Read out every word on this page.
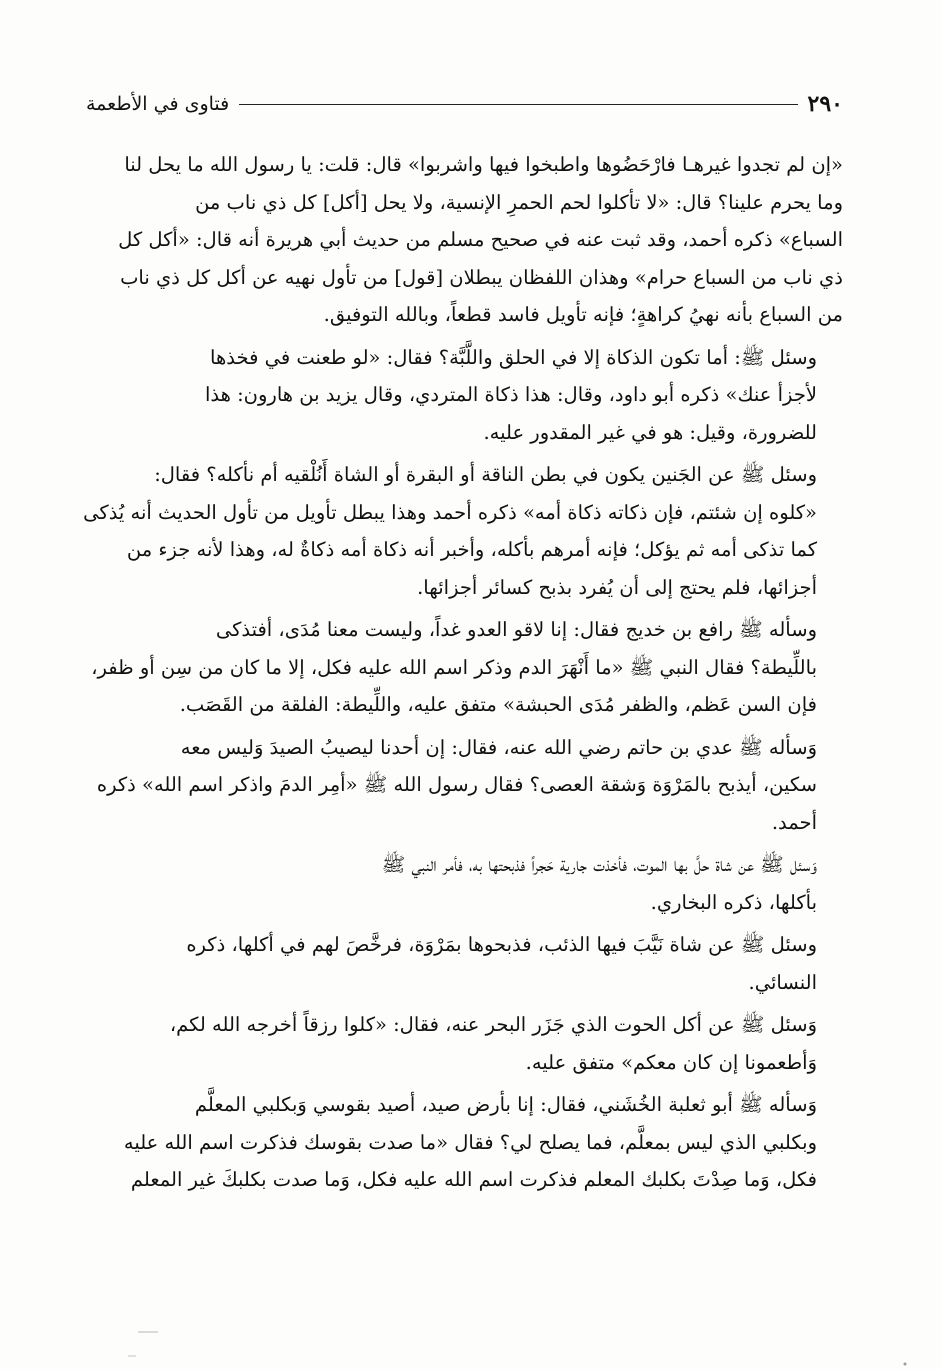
٢٩٠
فتاوى في الأطعمة

«إن لم تجدوا غيرهـا فارْحَضُوها واطبخوا فيها واشربوا» قال: قلت: يا رسول الله ما يحل لنا
وما يحرم علينا؟ قال: «لا تأكلوا لحم الحمرِ الإنسية، ولا يحل [أكل] كل ذي ناب من
السباع» ذكره أحمد، وقد ثبت عنه في صحيح مسلم من حديث أبي هريرة أنه قال: «أكل كل
ذي ناب من السباع حرام» وهذان اللفظان يبطلان [قول] من تأول نهيه عن أكل كل ذي ناب
من السباع بأنه نهيُ كراهةٍ؛ فإنه تأويل فاسد قطعاً، وبالله التوفيق.

وسئل ﷺ: أما تكون الذكاة إلا في الحلق واللَّبَّة؟ فقال: «لو طعنت في فخذها
لأجزأ عنك» ذكره أبو داود، وقال: هذا ذكاة المتردي، وقال يزيد بن هارون: هذا
للضرورة، وقيل: هو في غير المقدور عليه.

وسئل ﷺ عن الجَنين يكون في بطن الناقة أو البقرة أو الشاة أَنُلْقيه أم نأكله؟ فقال:
«كلوه إن شئتم، فإن ذكاته ذكاة أمه» ذكره أحمد وهذا يبطل تأويل من تأول الحديث أنه يُذكى
كما تذكى أمه ثم يؤكل؛ فإنه أمرهم بأكله، وأخبر أنه ذكاة أمه ذكاةٌ له، وهذا لأنه جزء من
أجزائها، فلم يحتج إلى أن يُفرد بذبح كسائر أجزائها.

وسأله ﷺ رافع بن خديج فقال: إنا لاقو العدو غداً، وليست معنا مُدَى، أفتذكى
باللِّيطة؟ فقال النبي ﷺ «ما أَنْهَرَ الدم وذكر اسم الله عليه فكل، إلا ما كان من سِن أو ظفر،
فإن السن عَظم، والظفر مُدَى الحبشة» متفق عليه، واللِّيطة: الفلقة من القَصَب.

وَسأله ﷺ عدي بن حاتم رضي الله عنه، فقال: إن أحدنا ليصيبُ الصيدَ وَليس معه
سكين، أيذبح بالمَرْوَة وَشقة العصى؟ فقال رسول الله ﷺ «أمِر الدمَ واذكر اسم الله» ذكره
أحمد.

وَسئل ﷺ عن شاة حلَّ بها الموت، فأخذت جارية حَجراً فذبحتها به، فأمر النبي ﷺ
بأكلها، ذكره البخاري.

وسئل ﷺ عن شاة نَيَّبَ فيها الذئب، فذبحوها بمَرْوَة، فرخَّصَ لهم في أكلها، ذكره
النسائي.

وَسئل ﷺ عن أكل الحوت الذي جَزَر البحر عنه، فقال: «كلوا رزقاً أخرجه الله لكم،
وَأطعمونا إن كان معكم» متفق عليه.

وَسأله ﷺ أبو ثعلبة الخُشَني، فقال: إنا بأرض صيد، أصيد بقوسي وَبكلبي المعلَّم
وبكلبي الذي ليس بمعلَّم، فما يصلح لي؟ فقال «ما صدت بقوسك فذكرت اسم الله عليه
فكل، وَما صِدْتَ بكلبك المعلم فذكرت اسم الله عليه فكل، وَما صدت بكلبكَ غير المعلم
